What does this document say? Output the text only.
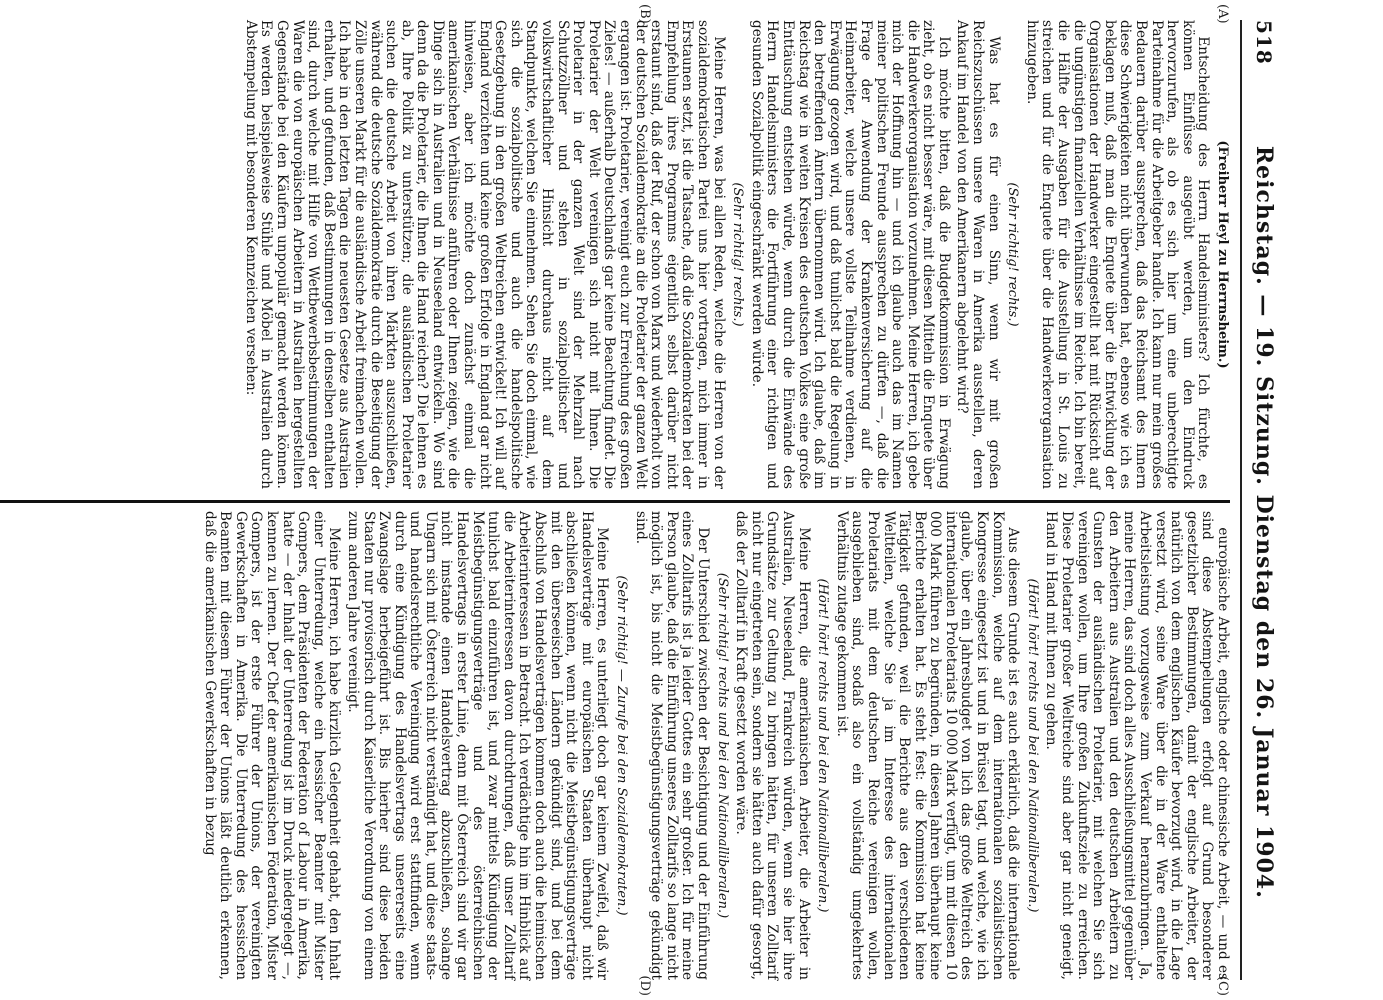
518
Reichstag. — 19. Sitzung. Dienstag den 26. Januar 1904.
(A)
(B)

(Freiherr Heyl zu Herrnsheim.)

Entscheidung des Herrn Handelsministers? Ich fürchte, es können Einflüsse ausgeübt werden, um den Eindruck hervorzurufen, als ob es sich hier um eine unberechtigte Parteinahme für die Arbeitgeber handle. Ich kann nur mein großes Bedauern darüber aussprechen, daß das Reichsamt des Innern diese Schwierigkeiten nicht überwunden hat, ebenso wie ich es beklagen muß, daß man die Enquete über die Entwicklung der Organisationen der Handwerker eingestellt hat mit Rücksicht auf die ungünstigen finanziellen Verhältnisse im Reiche. Ich bin bereit, die Hälfte der Ausgaben für die Ausstellung in St. Louis zu streichen und für die Enquete über die Handwerkerorganisation hinzugeben.

(Sehr richtig! rechts.)

Was hat es für einen Sinn, wenn wir mit großen Reichszuschüssen unsere Waren in Amerika ausstellen, deren Ankauf im Handel von den Amerikanern abgelehnt wird?

Ich möchte bitten, daß die Budgetkommission in Erwägung zieht, ob es nicht besser wäre, mit diesen Mitteln die Enquete über die Handwerkerorganisation vorzunehmen. Meine Herren, ich gebe mich der Hoffnung hin — und ich glaube auch das im Namen meiner politischen Freunde aussprechen zu dürfen —, daß die Frage der Anwendung der Krankenversicherung auf die Heimarbeiter, welche unsere vollste Teilnahme verdienen, in Erwägung gezogen wird, und daß tunlichst bald die Regelung in den betreffenden Ämtern übernommen wird. Ich glaube, daß im Reichstag wie in weiten Kreisen des deutschen Volkes eine große Enttäuschung entstehen würde, wenn durch die Einwände des Herrn Handelsministers die Fortführung einer richtigen und gesunden Sozialpolitik eingeschränkt werden würde.

(Sehr richtig! rechts.)

Meine Herren, was bei allen Reden, welche die Herren von der sozialdemokratischen Partei uns hier vortragen, mich immer in Erstaunen setzt, ist die Tatsache, daß die Sozialdemokraten bei der Empfehlung ihres Programms eigentlich selbst darüber nicht erstaunt sind, daß der Ruf, der schon von Marx und wiederholt von der deutschen Sozialdemokratie an die Proletarier der ganzen Welt ergangen ist: Proletarier, vereinigt euch zur Erreichung des großen Zieles! — außerhalb Deutschlands gar keine Beachtung findet. Die Proletarier der Welt vereinigen sich nicht mit Ihnen. Die Proletarier in der ganzen Welt sind der Mehrzahl nach Schutzzöllner und stehen in sozialpolitischer und volkswirtschaftlicher Hinsicht durchaus nicht auf dem Standpunkte, welchen Sie einnehmen. Sehen Sie doch einmal, wie sich die sozialpolitische und auch die handelspolitische Gesetzgebung in den großen Weltreichen entwickelt! Ich will auf England verzichten und keine großen Erfolge in England gar nicht hinweisen, aber ich möchte doch zunächst einmal die amerikanischen Verhältnisse anführen oder Ihnen zeigen, wie die Dinge sich in Australien und in Neuseeland entwickeln. Wo sind denn da die Proletarier, die Ihnen die Hand reichen? Die lehnen es ab, Ihre Politik zu unterstützen; die ausländischen Proletarier suchen die deutsche Arbeit von ihren Märkten auszuschließen, während die deutsche Sozialdemokratie durch die Beseitigung der Zölle unseren Markt für die ausländische Arbeit freimachen wollen. Ich habe in den letzten Tagen die neuesten Gesetze aus Australien erhalten, und gefunden, daß Bestimmungen in denselben enthalten sind, durch welche mit Hilfe von Wettbewerbsbestimmungen der Waren die von europäischen Arbeitern in Australien hergestellten Gegenstände bei den Käufern unpopulär gemacht werden können. Es werden beispielsweise Stühle und Möbel in Australien durch Abstempelung mit besonderen Kennzeichen versehen:

(C)
(D)

europäische Arbeit, englische oder chinesische Arbeit, — und es sind diese Abstempelungen erfolgt auf Grund besonderer gesetzlicher Bestimmungen, damit der englische Arbeiter, der natürlich von dem englischen Käufer bevorzugt wird, in die Lage versetzt wird, seine Ware über die in der Ware enthaltene Arbeitsleistung vorzugsweise zum Verkauf heranzubringen. Ja, meine Herren, das sind doch alles Ausschließungsmittel gegenüber den Arbeitern aus Australien und den deutschen Arbeitern zu Gunsten der ausländischen Proletarier, mit welchen Sie sich vereinigen wollen, um Ihre großen Zukunftsziele zu erreichen. Diese Proletarier großer Weltreiche sind aber gar nicht geneigt, Hand in Hand mit Ihnen zu gehen.

(Hört! hört! rechts und bei den Nationalliberalen.)

Aus diesem Grunde ist es auch erklärlich, daß die internationale Kommission, welche auf dem internationalen sozialistischen Kongresse eingesetzt ist und in Brüssel tagt, und welche, wie ich glaube, über ein Jahresbudget von lich das große Weltreich des internationalen Proletariats 10 000 Mark verfügt, um mit diesen 10 000 Mark führen zu begründen, in diesen Jahren überhaupt keine Berichte erhalten hat. Es steht fest: die Kommission hat keine Tätigkeit gefunden, weil die Berichte aus den verschiedenen Weltteilen, welche Sie ja im Interesse des internationalen Proletariats mit dem deutschen Reiche vereinigen wollen, ausgeblieben sind, sodaß also ein vollständig umgekehrtes Verhältnis zutage gekommen ist.

(Hört! hört! rechts und bei den Nationalliberalen.)

Meine Herren, die amerikanischen Arbeiter, die Arbeiter in Australien, Neuseeland, Frankreich würden, wenn sie hier ihre Grundsätze zur Geltung zu bringen hätten, für unseren Zolltarif nicht nur eingetreten sein, sondern sie hätten auch dafür gesorgt, daß der Zolltarif in Kraft gesetzt worden wäre.

(Sehr richtig! rechts und bei den Nationalliberalen.)

Der Unterschied zwischen der Besichtigung und der Einführung eines Zolltarifs ist ja leider Gottes ein sehr großer. Ich für meine Person glaube, daß die Einführung unseres Zolltarifs so lange nicht möglich ist, bis nicht die Meistbegünstigungsverträge gekündigt sind.

(Sehr richtig! — Zurufe bei den Sozialdemokraten.)

Meine Herren, es unterliegt doch gar keinem Zweifel, daß wir Handelsverträge mit europäischen Staaten überhaupt nicht abschließen können, wenn nicht die Meistbegünstigungsverträge mit den überseeischen Ländern gekündigt sind, und bei dem Abschluß von Handelsverträgen kommen doch auch die heimischen Arbeiterinteressen in Betracht. Ich verdächtige hin im Hinblick auf die Arbeiterinteressen davon durchdrungen, daß unser Zolltarif tunlichst bald einzuführen ist, und zwar mittels Kündigung der Meistbegünstigungsverträge und des österreichischen Handelsvertrags in erster Linie, denn mit Österreich sind wir gar nicht imstande einen Handelsvertrag abzuschließen, solange Ungarn sich mit Österreich nicht verständigt hat, und diese staats- und handelsrechtliche Vereinigung wird erst stattfinden, wenn durch eine Kündigung des Handelsvertrags unsererseits eine Zwangslage herbeigeführt ist. Bis hierher sind diese beiden Staaten nur provisorisch durch Kaiserliche Verordnung von einem zum anderen Jahre vereinigt.

Meine Herren, ich habe kürzlich Gelegenheit gehabt, den Inhalt einer Unterredung, welche ein hessischer Beamter mit Mister Gompers, dem Präsidenten der Federation of Labour in Amerika, hatte — der Inhalt der Unterredung ist im Druck niedergelegt —, kennen zu lernen. Der Chef der amerikanischen Föderation, Mister Gompers, ist der erste Führer der Unions, der vereinigten Gewerkschaften in Amerika. Die Unterredung des hessischen Beamten mit diesem Führer der Unions läßt deutlich erkennen, daß die amerikanischen Gewerkschaften in bezug
